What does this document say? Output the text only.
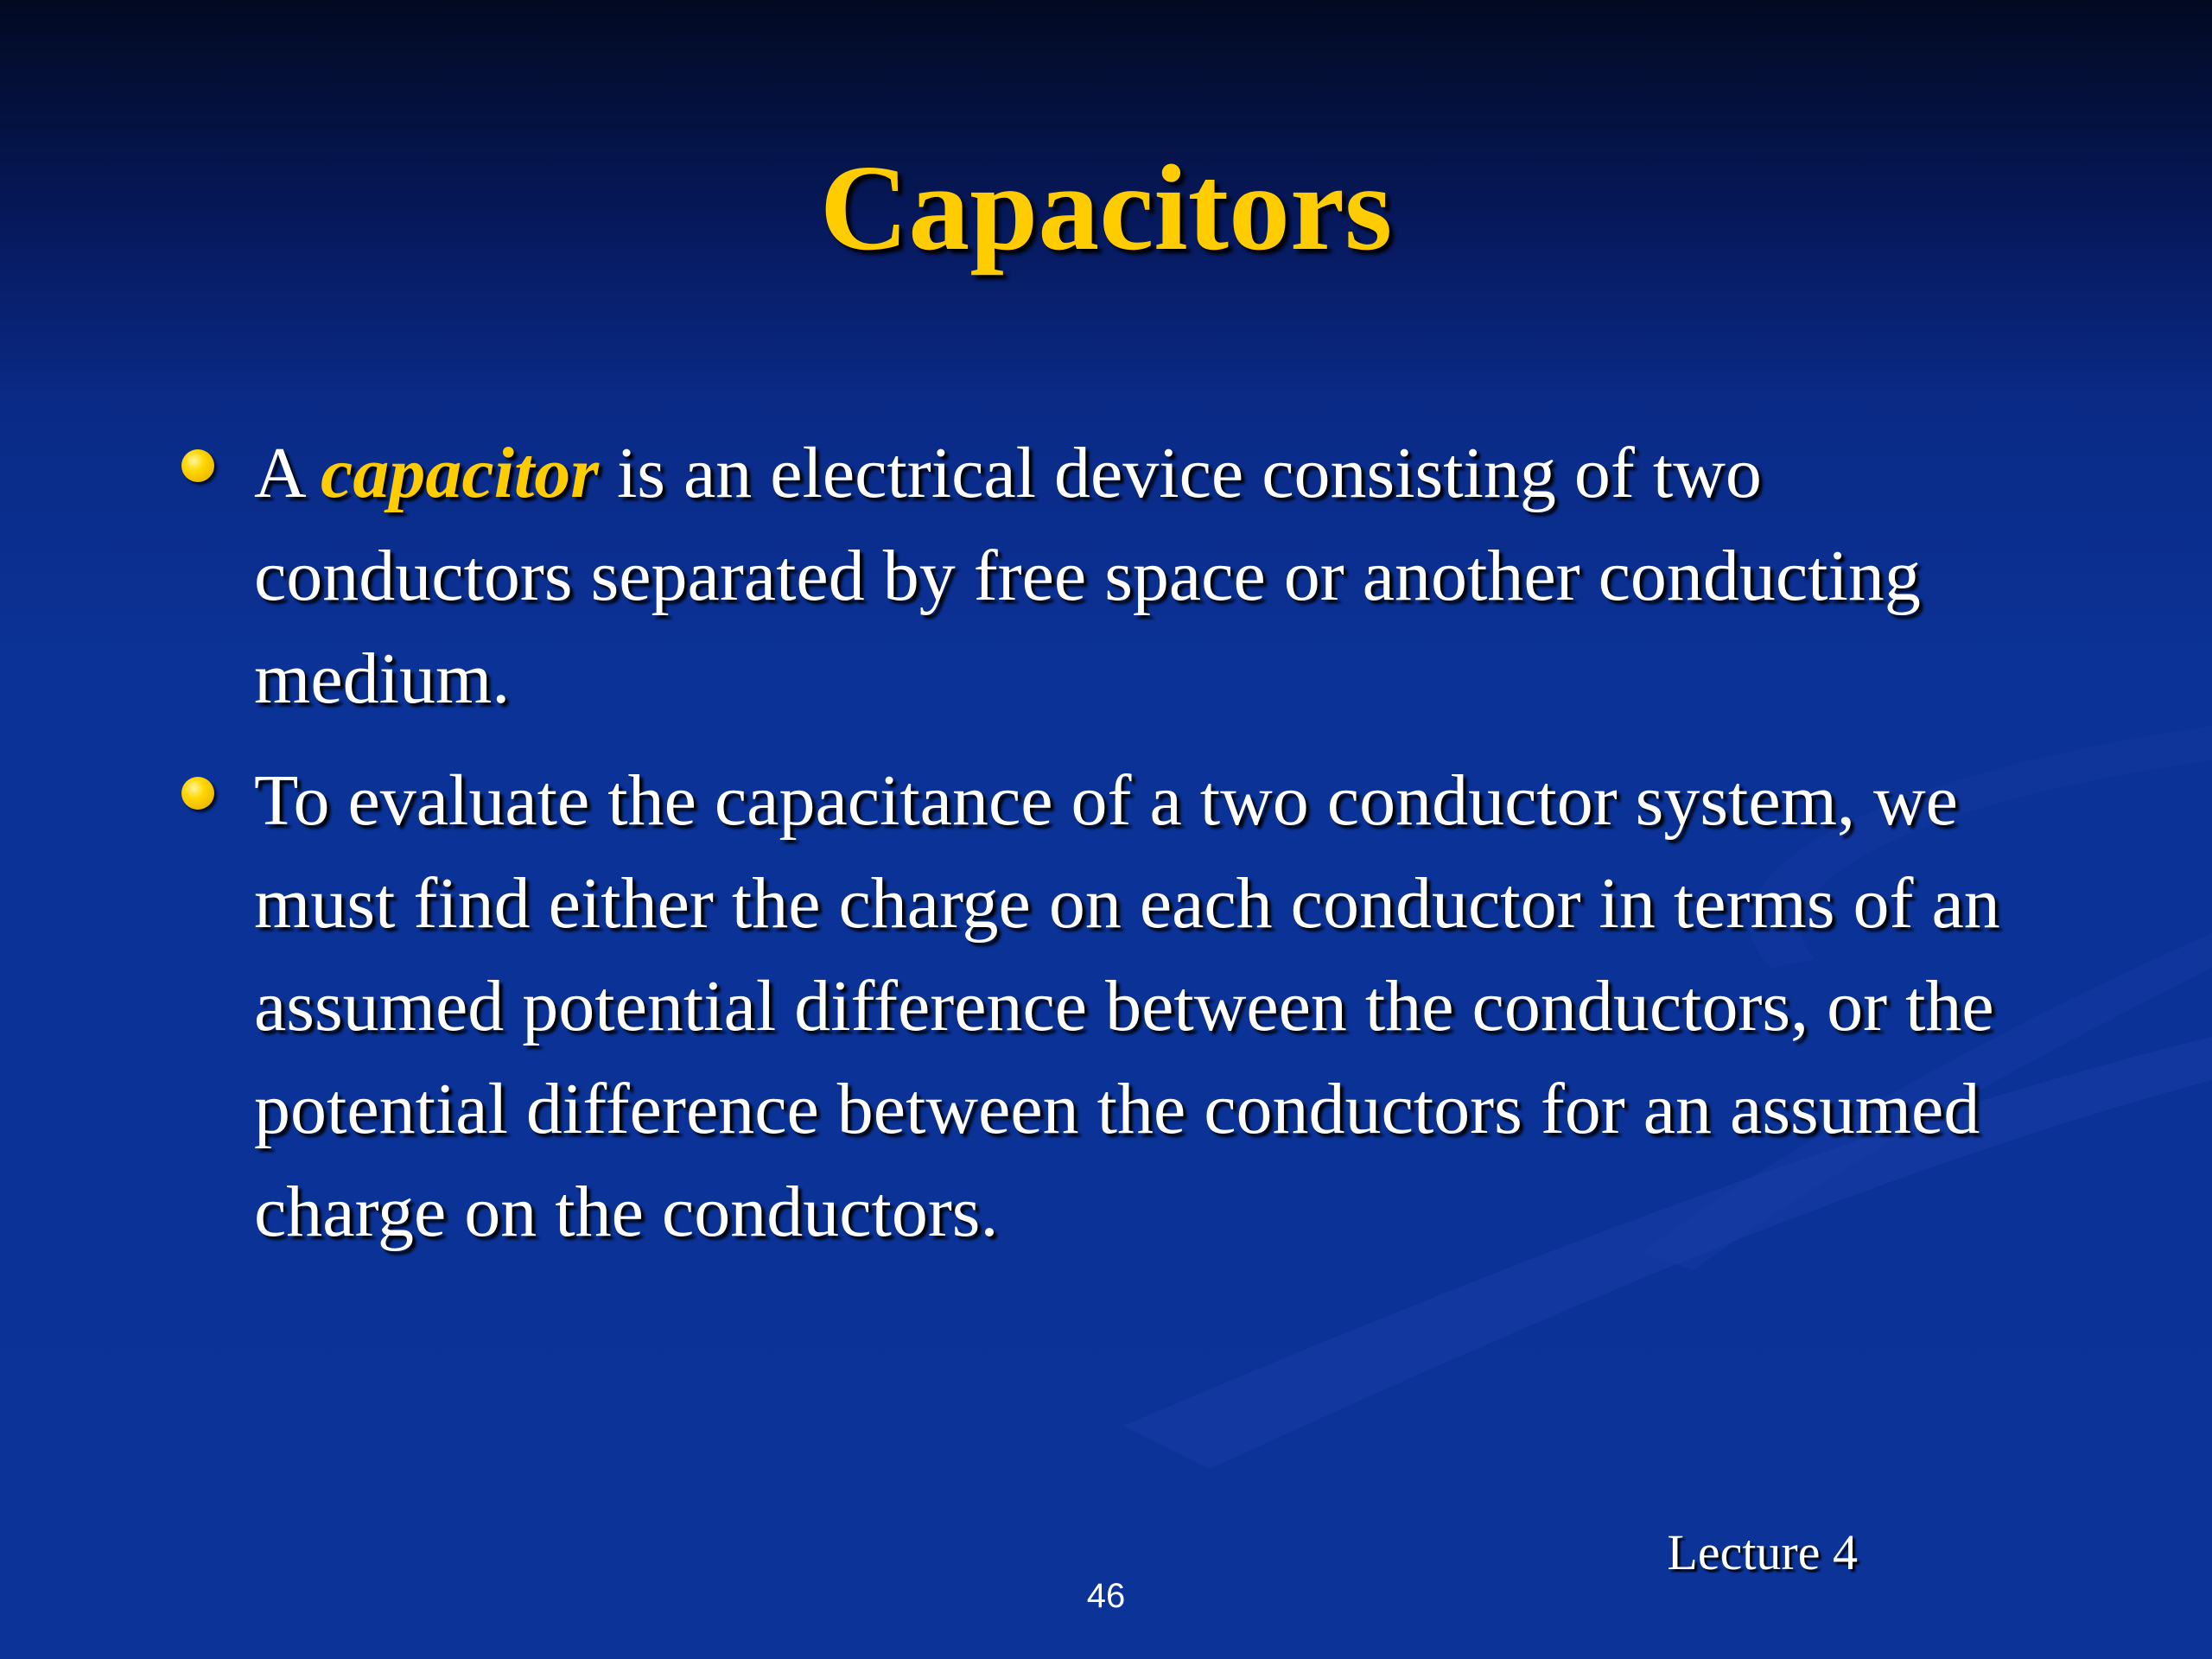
Capacitors
A capacitor is an electrical device consisting of two conductors separated by free space or another conducting medium.
To evaluate the capacitance of a two conductor system, we must find either the charge on each conductor in terms of an assumed potential difference between the conductors, or the potential difference between the conductors for an assumed charge on the conductors.
Lecture 4
46
